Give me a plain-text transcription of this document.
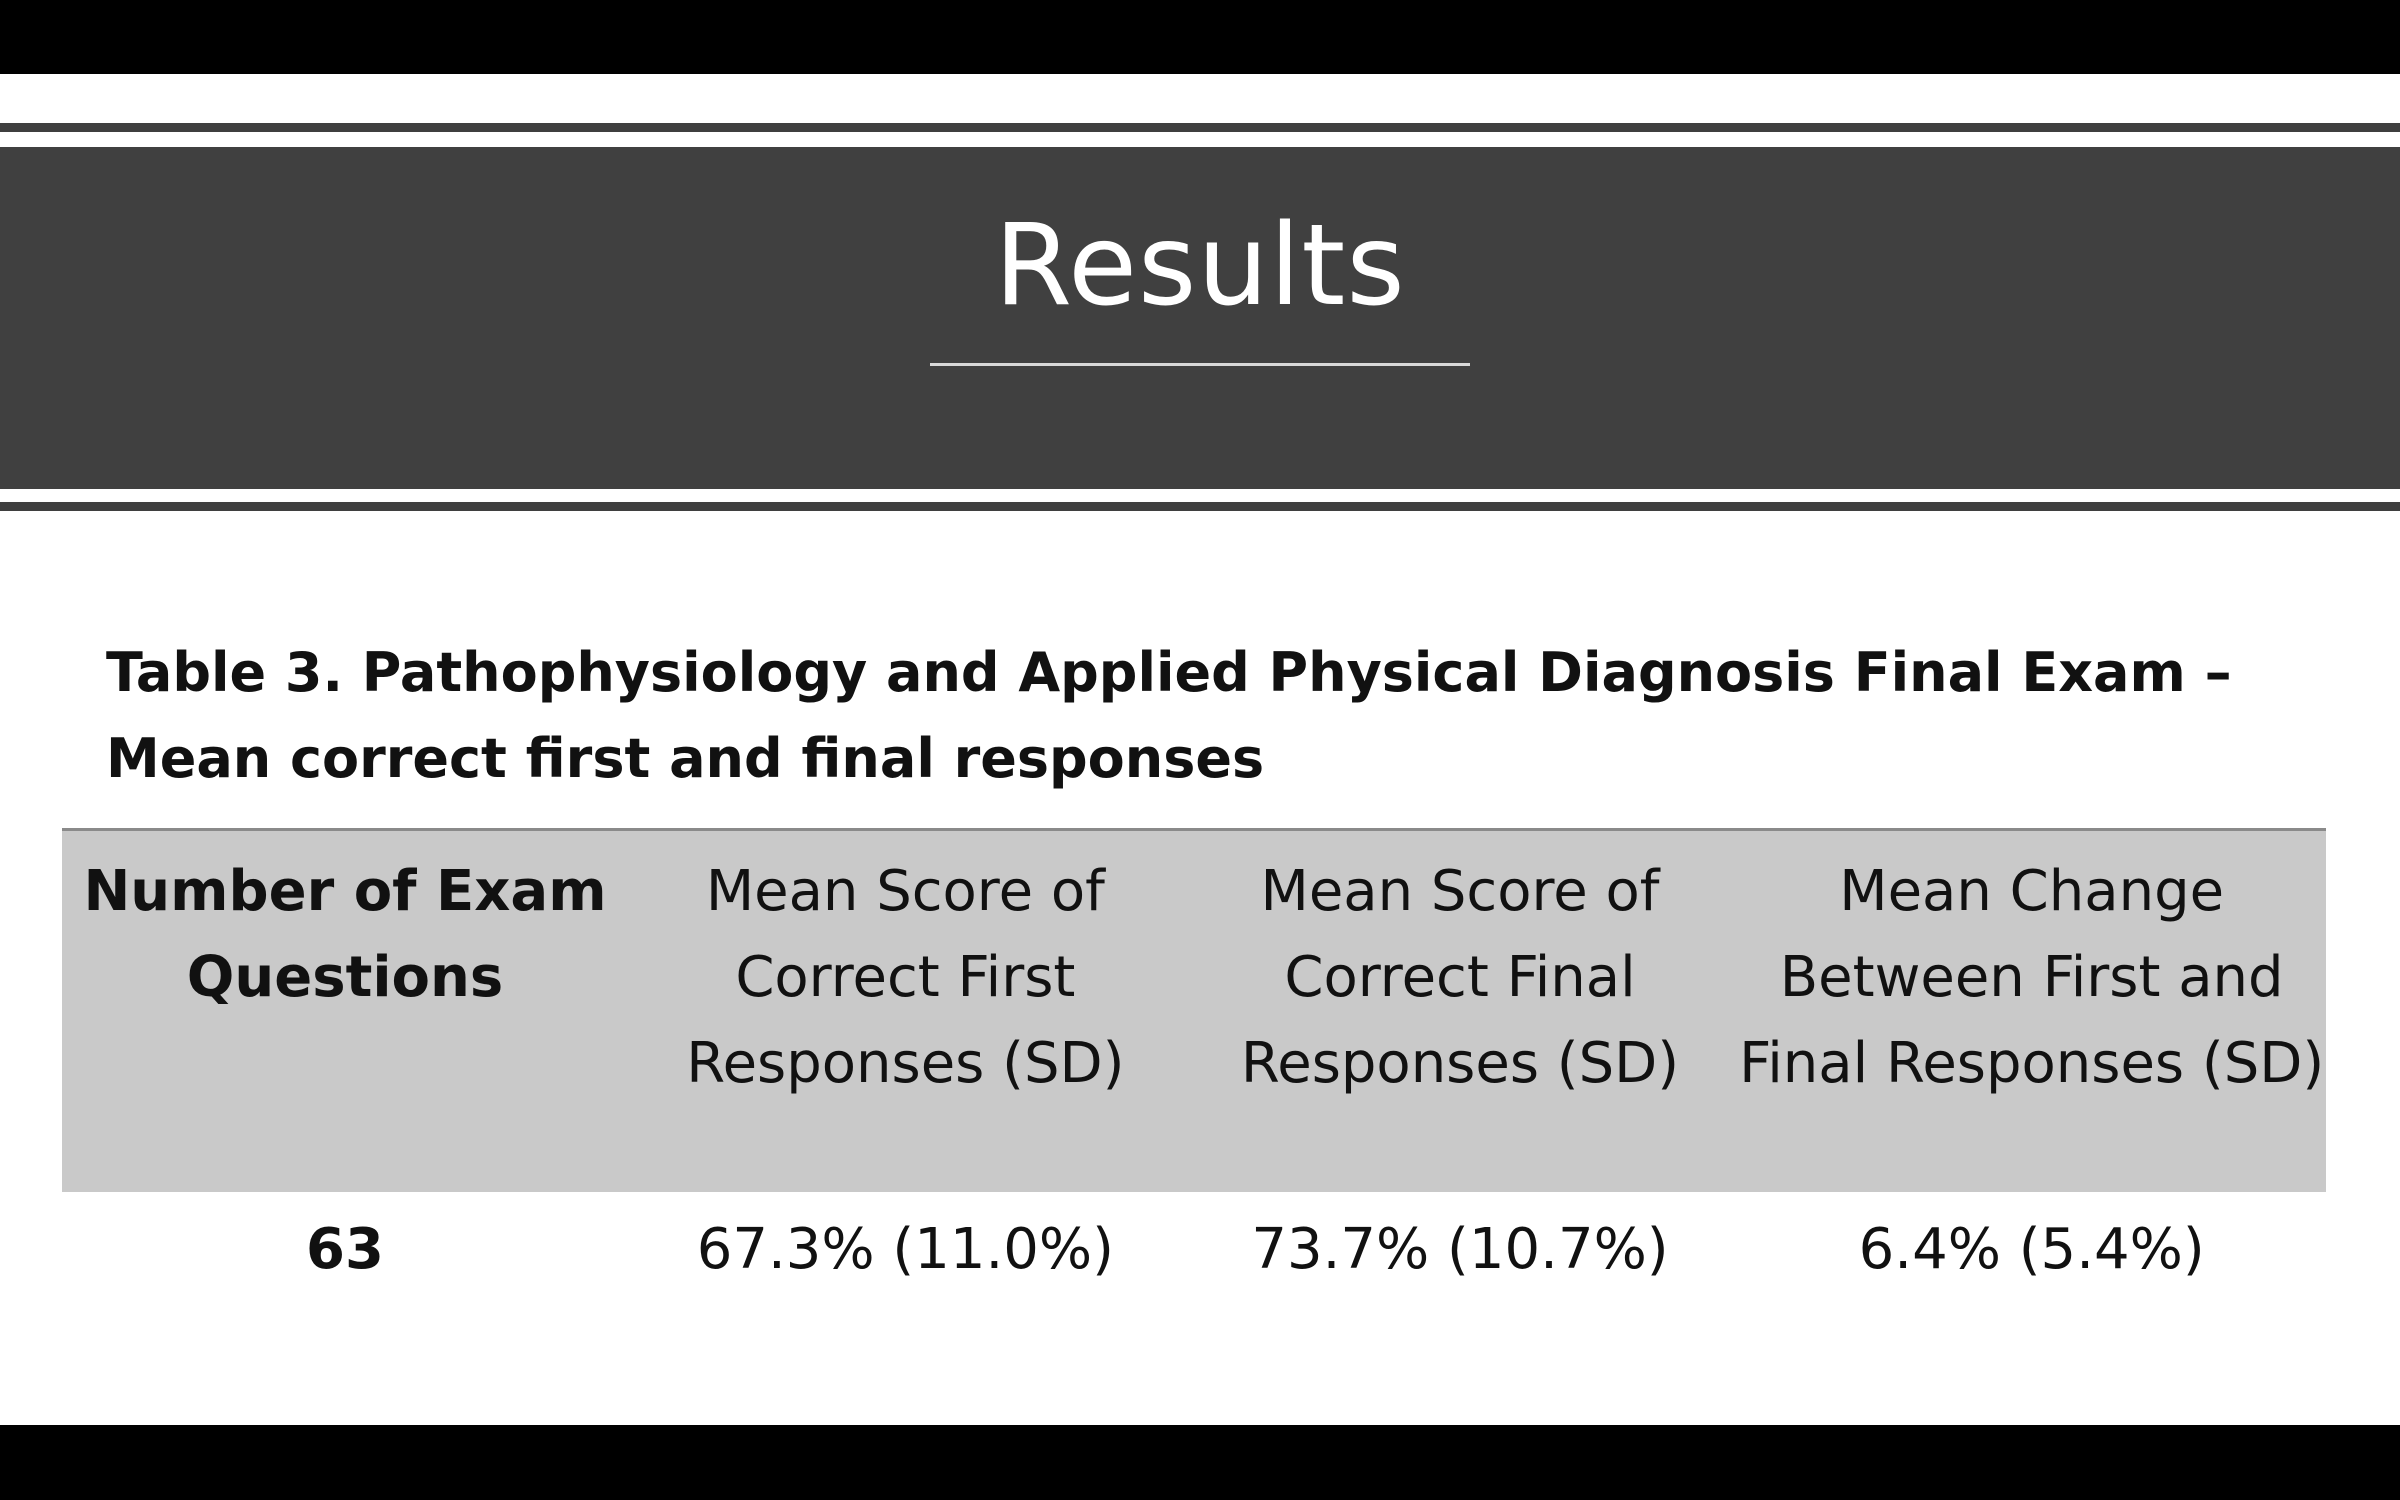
Results
Table 3. Pathophysiology and Applied Physical Diagnosis Final Exam – Mean correct first and final responses
Number of Exam Questions	Mean Score of Correct First Responses (SD)	Mean Score of Correct Final Responses (SD)	Mean Change Between First and Final Responses (SD)
63	67.3% (11.0%)	73.7% (10.7%)	6.4% (5.4%)
